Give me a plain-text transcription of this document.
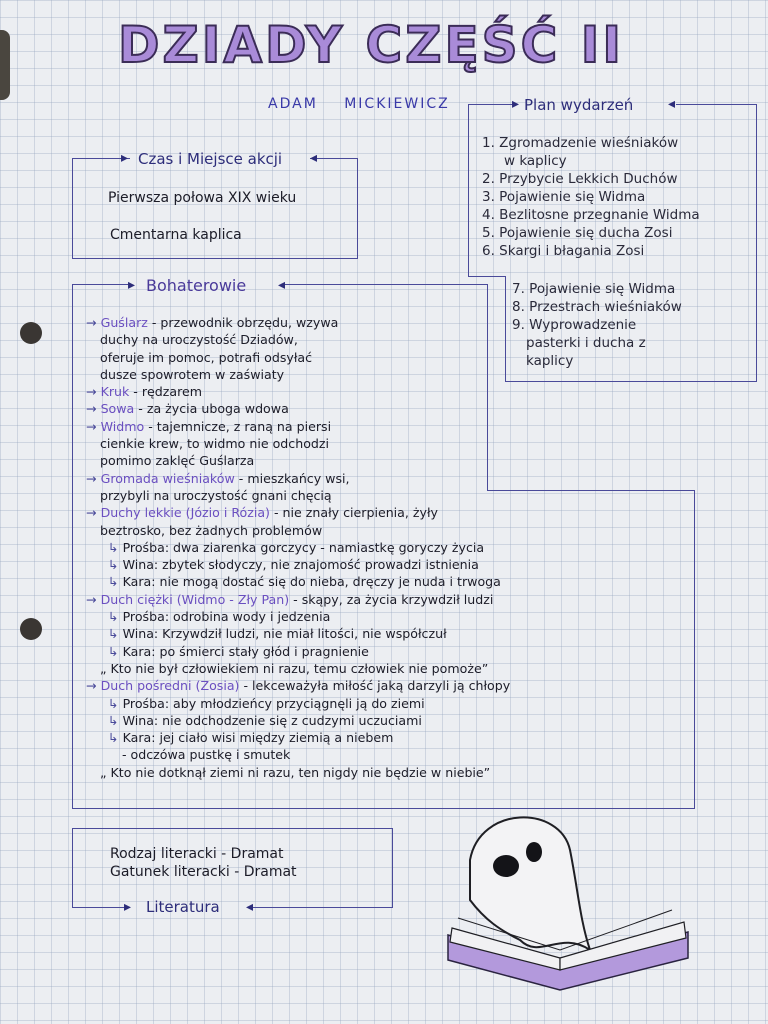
DZIADY CZĘŚĆ II
ADAM MICKIEWICZ
▸	◂
Czas i Miejsce akcji
Pierwsza połowa XIX wieku
Cmentarna kaplica
▸	◂
Plan wydarzeń
1. Zgromadzenie wieśniaków
w kaplicy
2. Przybycie Lekkich Duchów
3. Pojawienie się Widma
4. Bezlitosne przegnanie Widma
5. Pojawienie się ducha Zosi
6. Skargi i błagania Zosi
7. Pojawienie się Widma
8. Przestrach wieśniaków
9. Wyprowadzenie
pasterki i ducha z
kaplicy
▸	◂
Bohaterowie
→ Guślarz - przewodnik obrzędu, wzywa
duchy na uroczystość Dziadów,
oferuje im pomoc, potrafi odsyłać
dusze spowrotem w zaświaty
→ Kruk - rędzarem
→ Sowa - za życia uboga wdowa
→ Widmo - tajemnicze, z raną na piersi
cienkie krew, to widmo nie odchodzi
pomimo zaklęć Guślarza
→ Gromada wieśniaków - mieszkańcy wsi,
przybyli na uroczystość gnani chęcią
→ Duchy lekkie (Józio i Rózia) - nie znały cierpienia, żyły
beztrosko, bez żadnych problemów
↳ Prośba: dwa ziarenka gorczycy - namiastkę goryczy życia
↳ Wina: zbytek słodyczy, nie znajomość prowadzi istnienia
↳ Kara: nie mogą dostać się do nieba, dręczy je nuda i trwoga
→ Duch ciężki (Widmo - Zły Pan) - skąpy, za życia krzywdził ludzi
↳ Prośba: odrobina wody i jedzenia
↳ Wina: Krzywdził ludzi, nie miał litości, nie współczuł
↳ Kara: po śmierci stały głód i pragnienie
„ Kto nie był człowiekiem ni razu, temu człowiek nie pomoże”
→ Duch pośredni (Zosia) - lekceważyła miłość jaką darzyli ją chłopy
↳ Prośba: aby młodzieńcy przyciągnęli ją do ziemi
↳ Wina: nie odchodzenie się z cudzymi uczuciami
↳ Kara: jej ciało wisi między ziemią a niebem
- odczówa pustkę i smutek
„ Kto nie dotknął ziemi ni razu, ten nigdy nie będzie w niebie”
▸	◂
Literatura
Rodzaj literacki - Dramat
Gatunek literacki - Dramat
